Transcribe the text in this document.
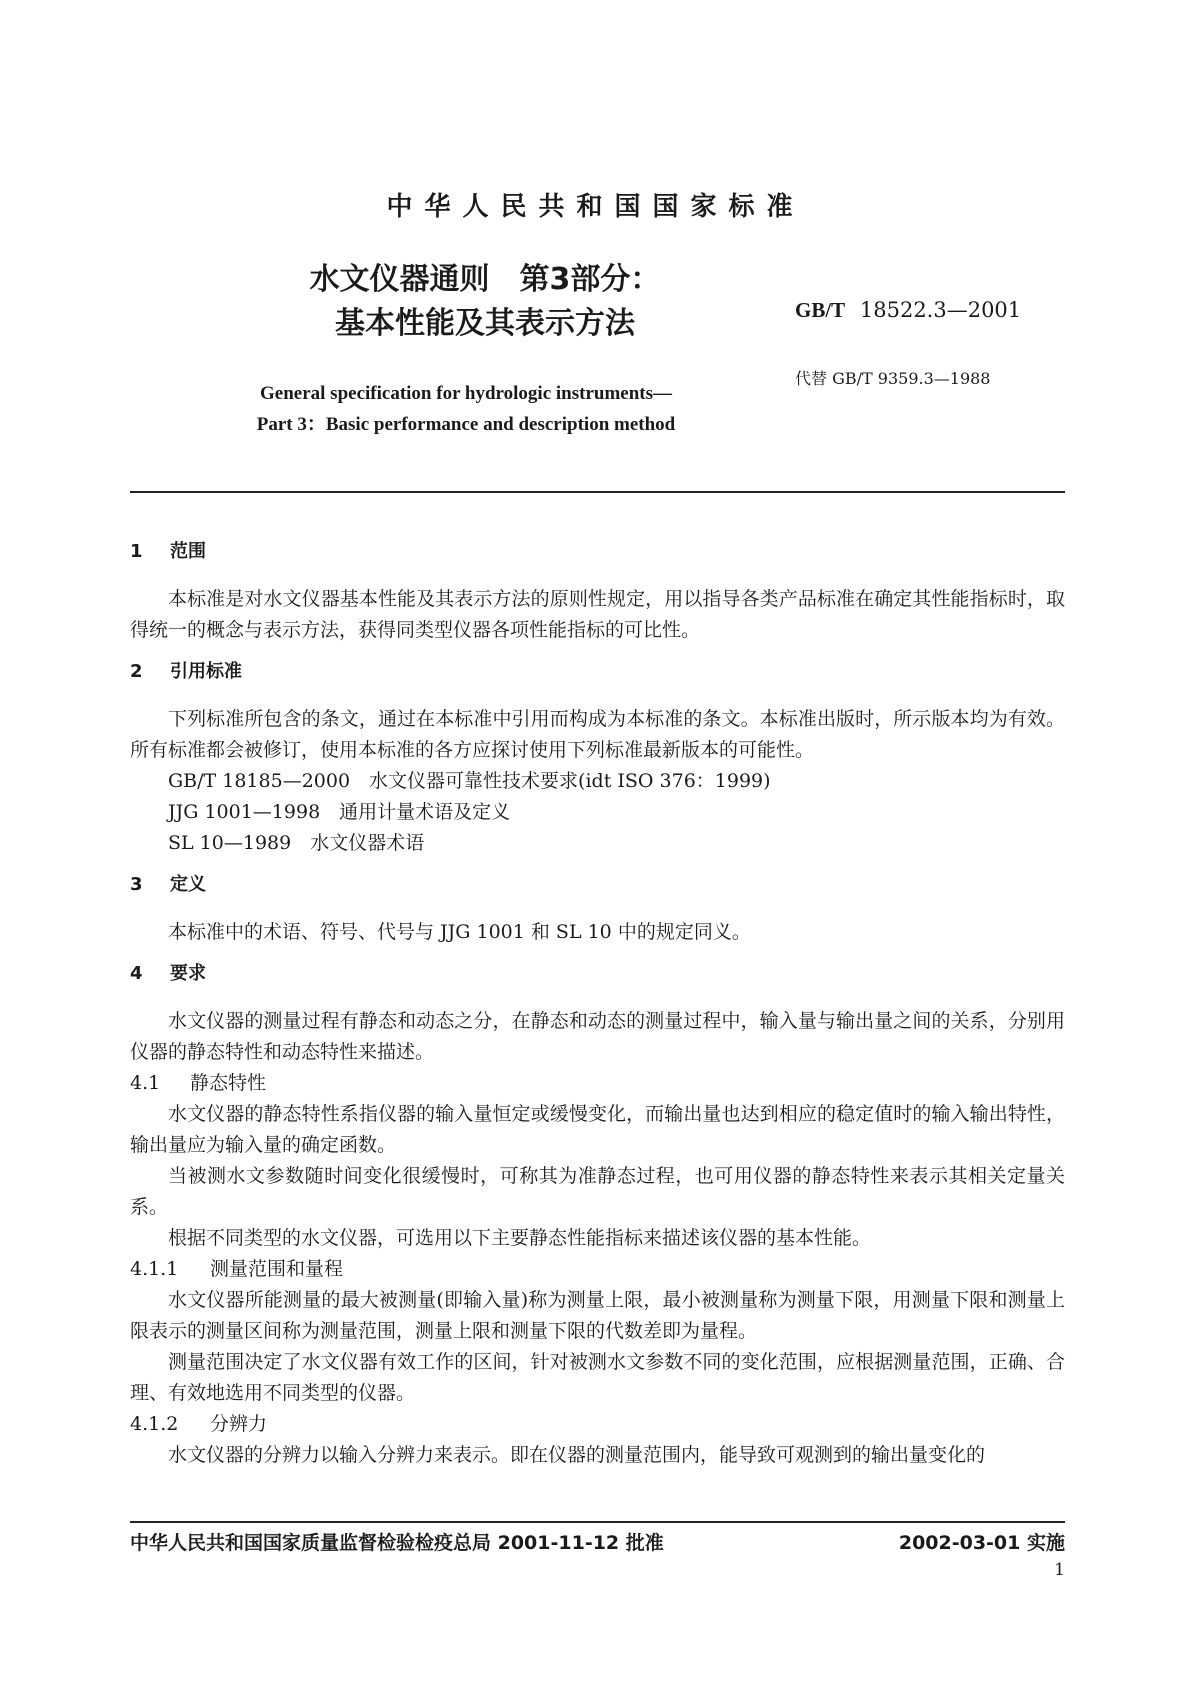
中华人民共和国国家标准
水文仪器通则　第3部分：
基本性能及其表示方法	GB/T 18522.3—2001
代替 GB/T 9359.3—1988
General specification for hydrologic instruments—
Part 3：Basic performance and description method
1 范围

本标准是对水文仪器基本性能及其表示方法的原则性规定，用以指导各类产品标准在确定其性能指标时，取得统一的概念与表示方法，获得同类型仪器各项性能指标的可比性。

2 引用标准

下列标准所包含的条文，通过在本标准中引用而构成为本标准的条文。本标准出版时，所示版本均为有效。所有标准都会被修订，使用本标准的各方应探讨使用下列标准最新版本的可能性。

GB/T 18185—2000　水文仪器可靠性技术要求(idt ISO 376：1999)

JJG 1001—1998　通用计量术语及定义

SL 10—1989　水文仪器术语

3 定义

本标准中的术语、符号、代号与 JJG 1001 和 SL 10 中的规定同义。

4 要求

水文仪器的测量过程有静态和动态之分，在静态和动态的测量过程中，输入量与输出量之间的关系，分别用仪器的静态特性和动态特性来描述。

4.1 静态特性

水文仪器的静态特性系指仪器的输入量恒定或缓慢变化，而输出量也达到相应的稳定值时的输入输出特性，输出量应为输入量的确定函数。

当被测水文参数随时间变化很缓慢时，可称其为准静态过程，也可用仪器的静态特性来表示其相关定量关系。

根据不同类型的水文仪器，可选用以下主要静态性能指标来描述该仪器的基本性能。

4.1.1 测量范围和量程

水文仪器所能测量的最大被测量(即输入量)称为测量上限，最小被测量称为测量下限，用测量下限和测量上限表示的测量区间称为测量范围，测量上限和测量下限的代数差即为量程。

测量范围决定了水文仪器有效工作的区间，针对被测水文参数不同的变化范围，应根据测量范围，正确、合理、有效地选用不同类型的仪器。

4.1.2 分辨力

水文仪器的分辨力以输入分辨力来表示。即在仪器的测量范围内，能导致可观测到的输出量变化的

中华人民共和国国家质量监督检验检疫总局 2001-11-12 批准	2002-03-01 实施
1
